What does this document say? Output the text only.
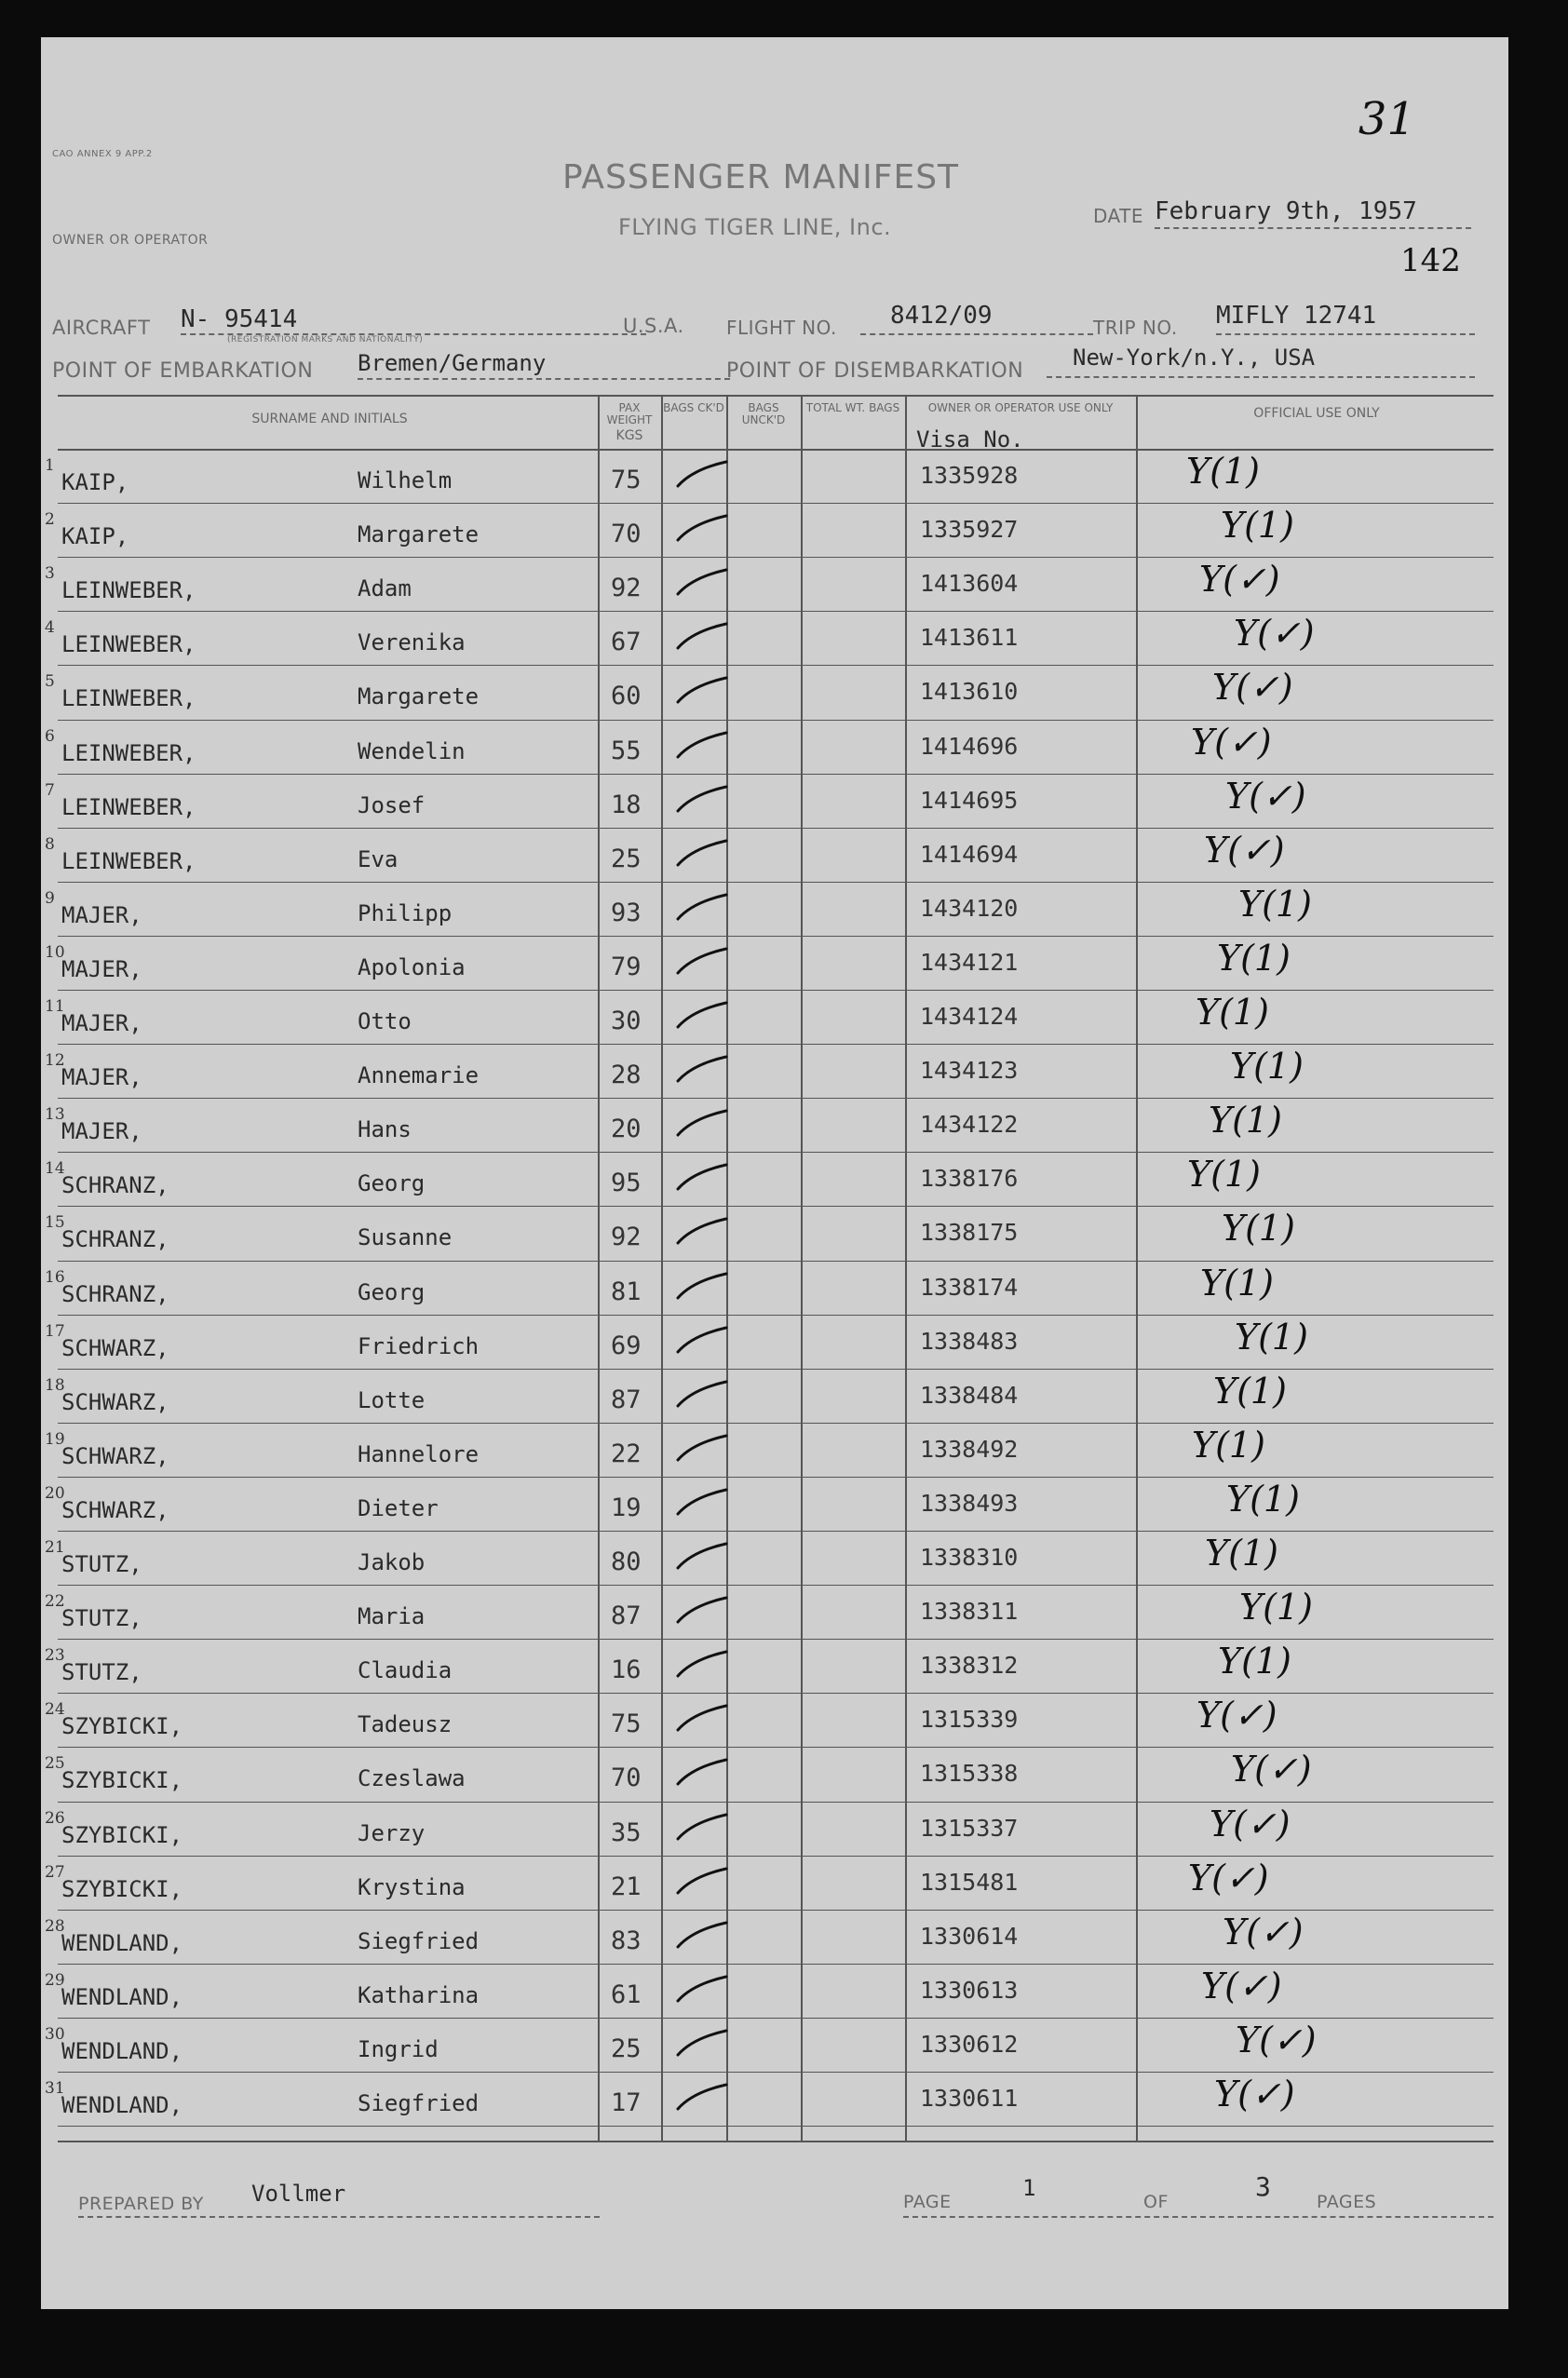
CAO ANNEX 9 APP.2
31
PASSENGER MANIFEST
FLYING TIGER LINE, Inc.
OWNER OR OPERATOR
DATE February 9th, 1957
142
AIRCRAFT N- 95414
(REGISTRATION MARKS AND NATIONALITY)
U.S.A. FLIGHT NO. 8412/09	TRIP NO. MIFLY 12741
POINT OF EMBARKATION Bremen/Germany	POINT OF DISEMBARKATION
New-York/n.Y., USA
SURNAME AND INITIALS
PAX WEIGHT
KGS
BAGS CK'D	BAGS UNCK'D
TOTAL WT. BAGS	OWNER OR OPERATOR USE ONLY
Visa No.
OFFICIAL USE ONLY
1
KAIP,	Wilhelm	75	1335928	Y(1)
2
KAIP,	Margarete	70	1335927	Y(1)
3
LEINWEBER,	Adam	92	1413604	Y(✓)
4
LEINWEBER,	Verenika	67	1413611	Y(✓)
5
LEINWEBER,	Margarete	60	1413610	Y(✓)
6
LEINWEBER,	Wendelin	55	1414696	Y(✓)
7
LEINWEBER,	Josef	18	1414695	Y(✓)
8
LEINWEBER,	Eva	25	1414694	Y(✓)
9
MAJER,	Philipp	93	1434120	Y(1)
10
MAJER,	Apolonia	79	1434121	Y(1)
11
MAJER,	Otto	30	1434124	Y(1)
12
MAJER,	Annemarie	28	1434123	Y(1)
13
MAJER,	Hans	20	1434122	Y(1)
14
SCHRANZ,	Georg	95	1338176	Y(1)
15
SCHRANZ,	Susanne	92	1338175	Y(1)
16
SCHRANZ,	Georg	81	1338174	Y(1)
17
SCHWARZ,	Friedrich	69	1338483	Y(1)
18
SCHWARZ,	Lotte	87	1338484	Y(1)
19
SCHWARZ,	Hannelore	22	1338492	Y(1)
20
SCHWARZ,	Dieter	19	1338493	Y(1)
21
STUTZ,	Jakob	80	1338310	Y(1)
22
STUTZ,	Maria	87	1338311	Y(1)
23
STUTZ,	Claudia	16	1338312	Y(1)
24
SZYBICKI,	Tadeusz	75	1315339	Y(✓)
25
SZYBICKI,	Czeslawa	70	1315338	Y(✓)
26
SZYBICKI,	Jerzy	35	1315337	Y(✓)
27
SZYBICKI,	Krystina	21	1315481	Y(✓)
28
WENDLAND,	Siegfried	83	1330614	Y(✓)
29
WENDLAND,	Katharina	61	1330613	Y(✓)
30
WENDLAND,	Ingrid	25	1330612	Y(✓)
31
WENDLAND,	Siegfried	17	1330611	Y(✓)
PREPARED BY Vollmer	PAGE
1
OF	3	PAGES
